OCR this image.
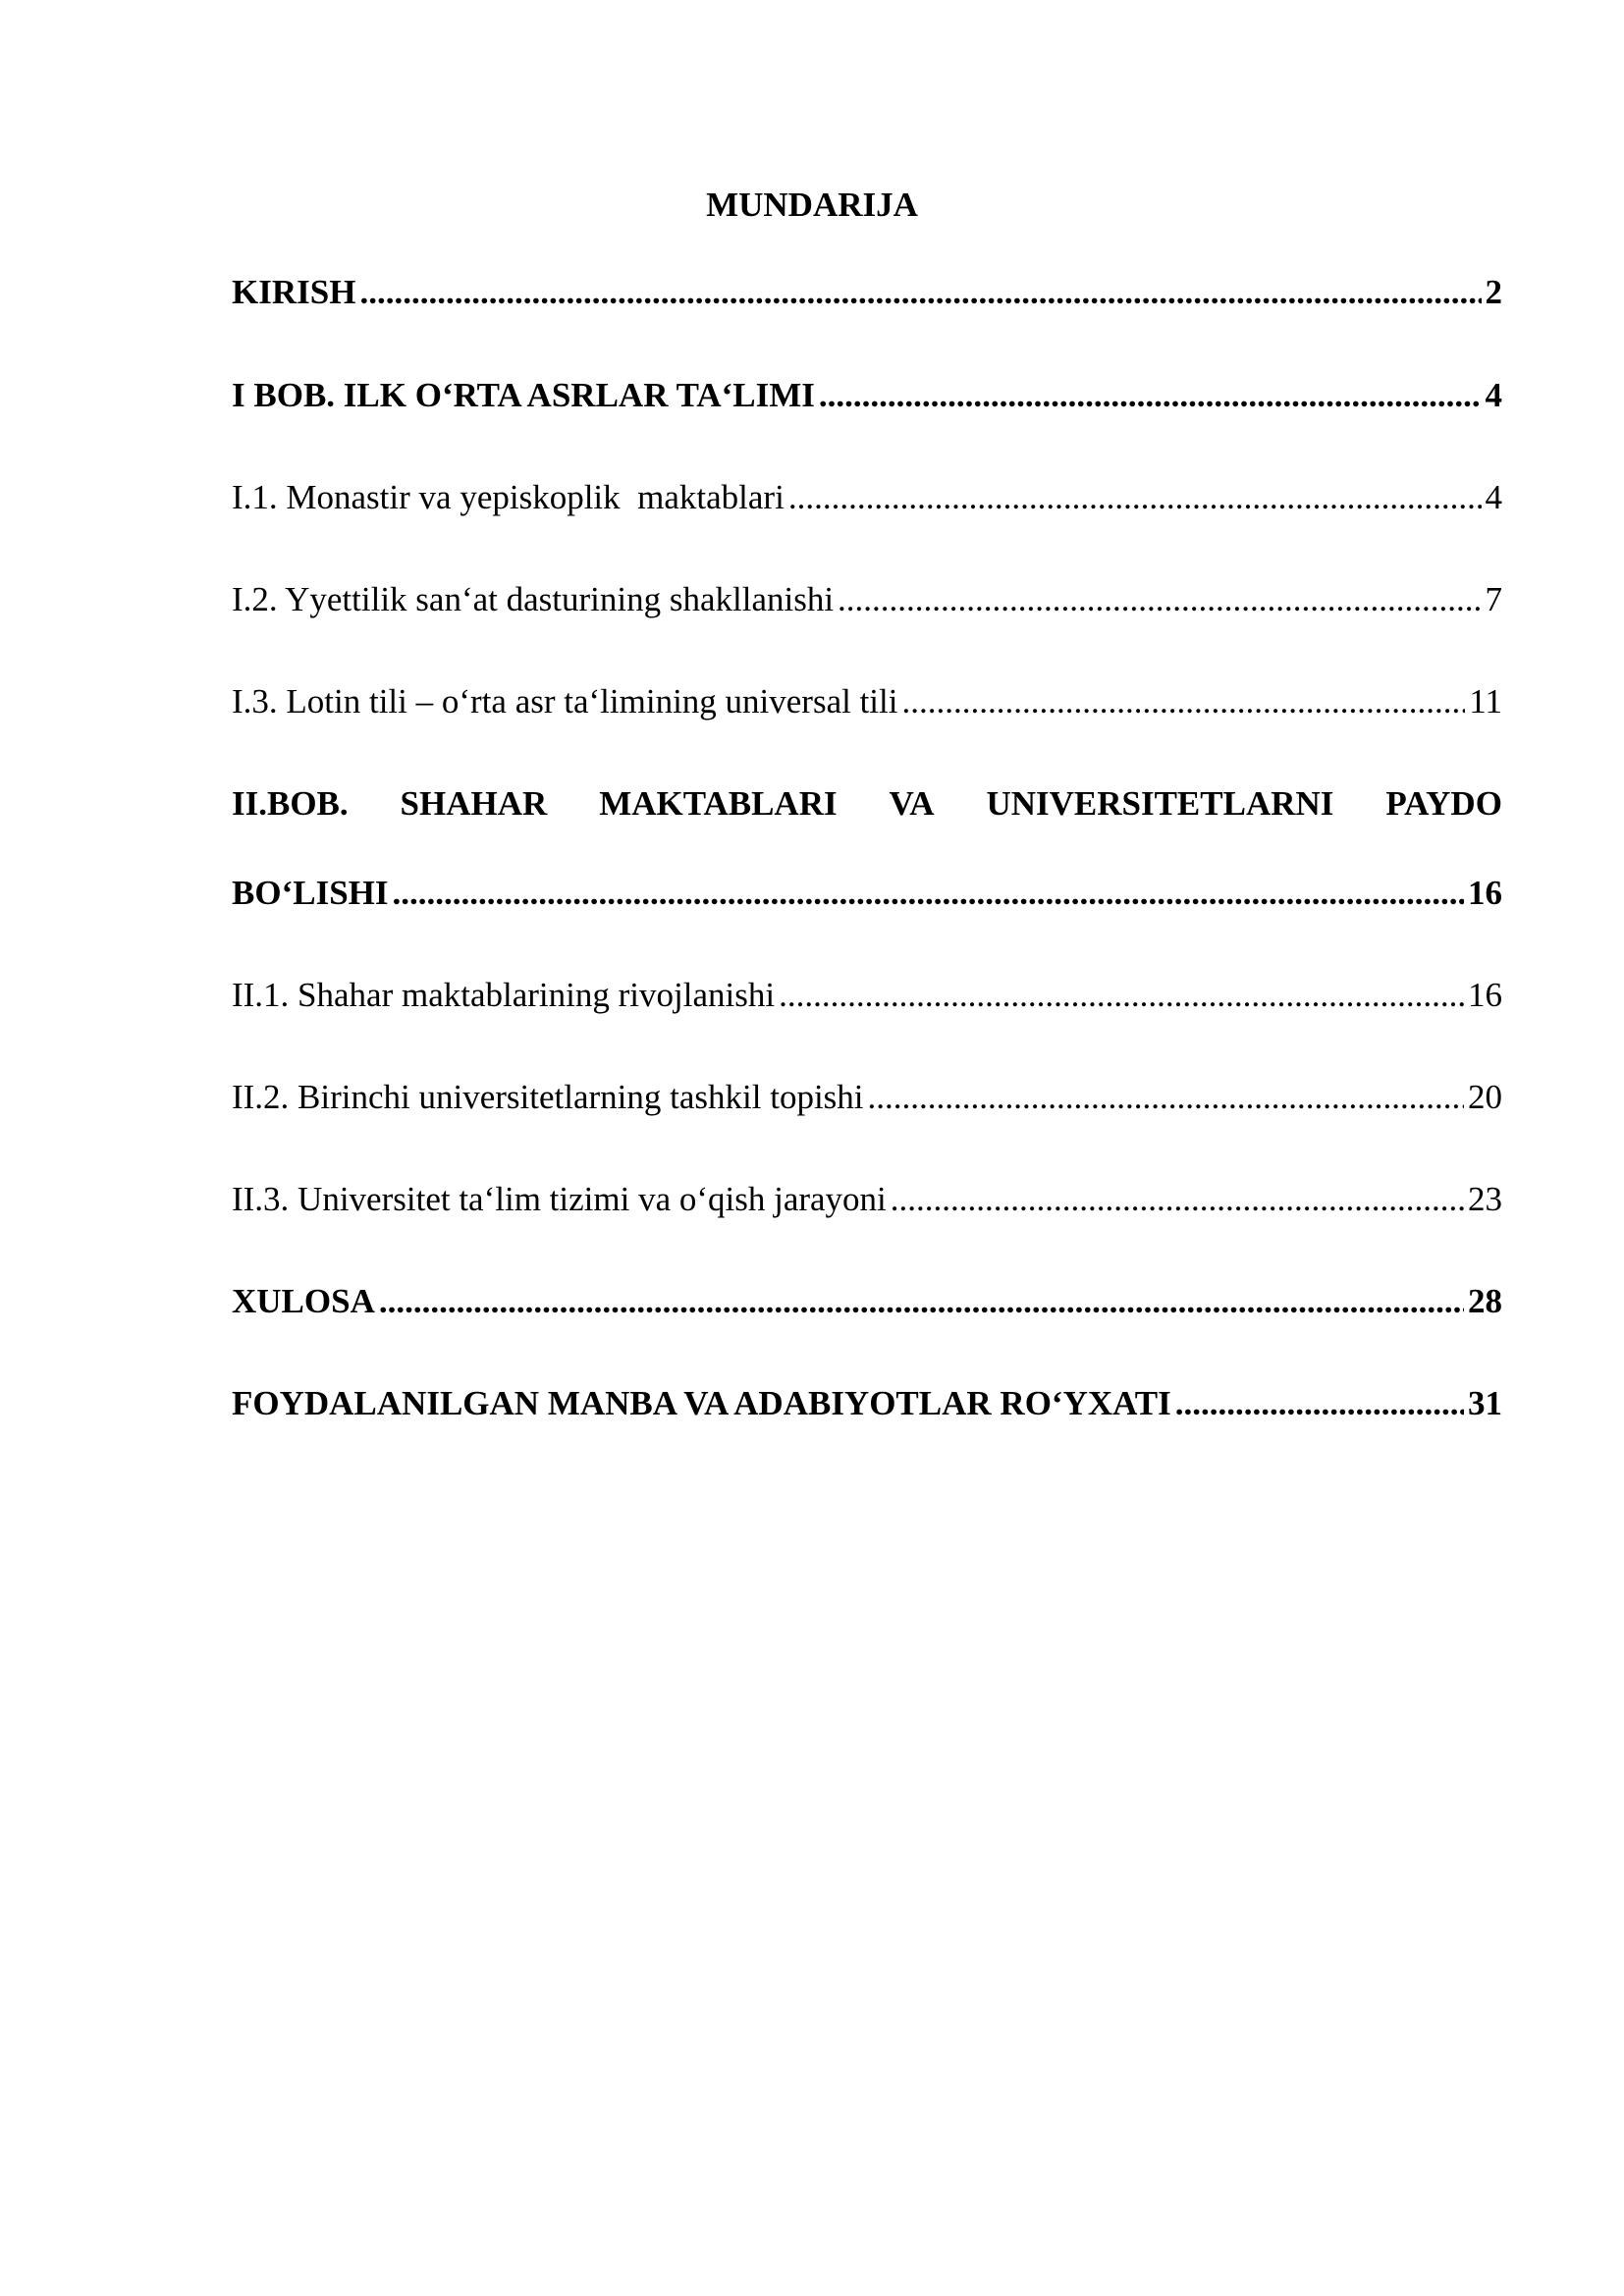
MUNDARIJA
KIRISH .....	2
I BOB. ILK O‘RTA ASRLAR TA‘LIMI .....	4
I.1. Monastir va yepiskoplik  maktablari .....	4
I.2. Yyettilik san‘at dasturining shakllanishi .....	7
I.3. Lotin tili – o‘rta asr ta‘limining universal tili .....	11
II.BOB. SHAHAR MAKTABLARI VA UNIVERSITETLARNI PAYDO
BO‘LISHI .....	16
II.1. Shahar maktablarining rivojlanishi .....	16
II.2. Birinchi universitetlarning tashkil topishi .....	20
II.3. Universitet ta‘lim tizimi va o‘qish jarayoni .....	23
XULOSA .....	28
FOYDALANILGAN MANBA VA ADABIYOTLAR RO‘YXATI .....	31
